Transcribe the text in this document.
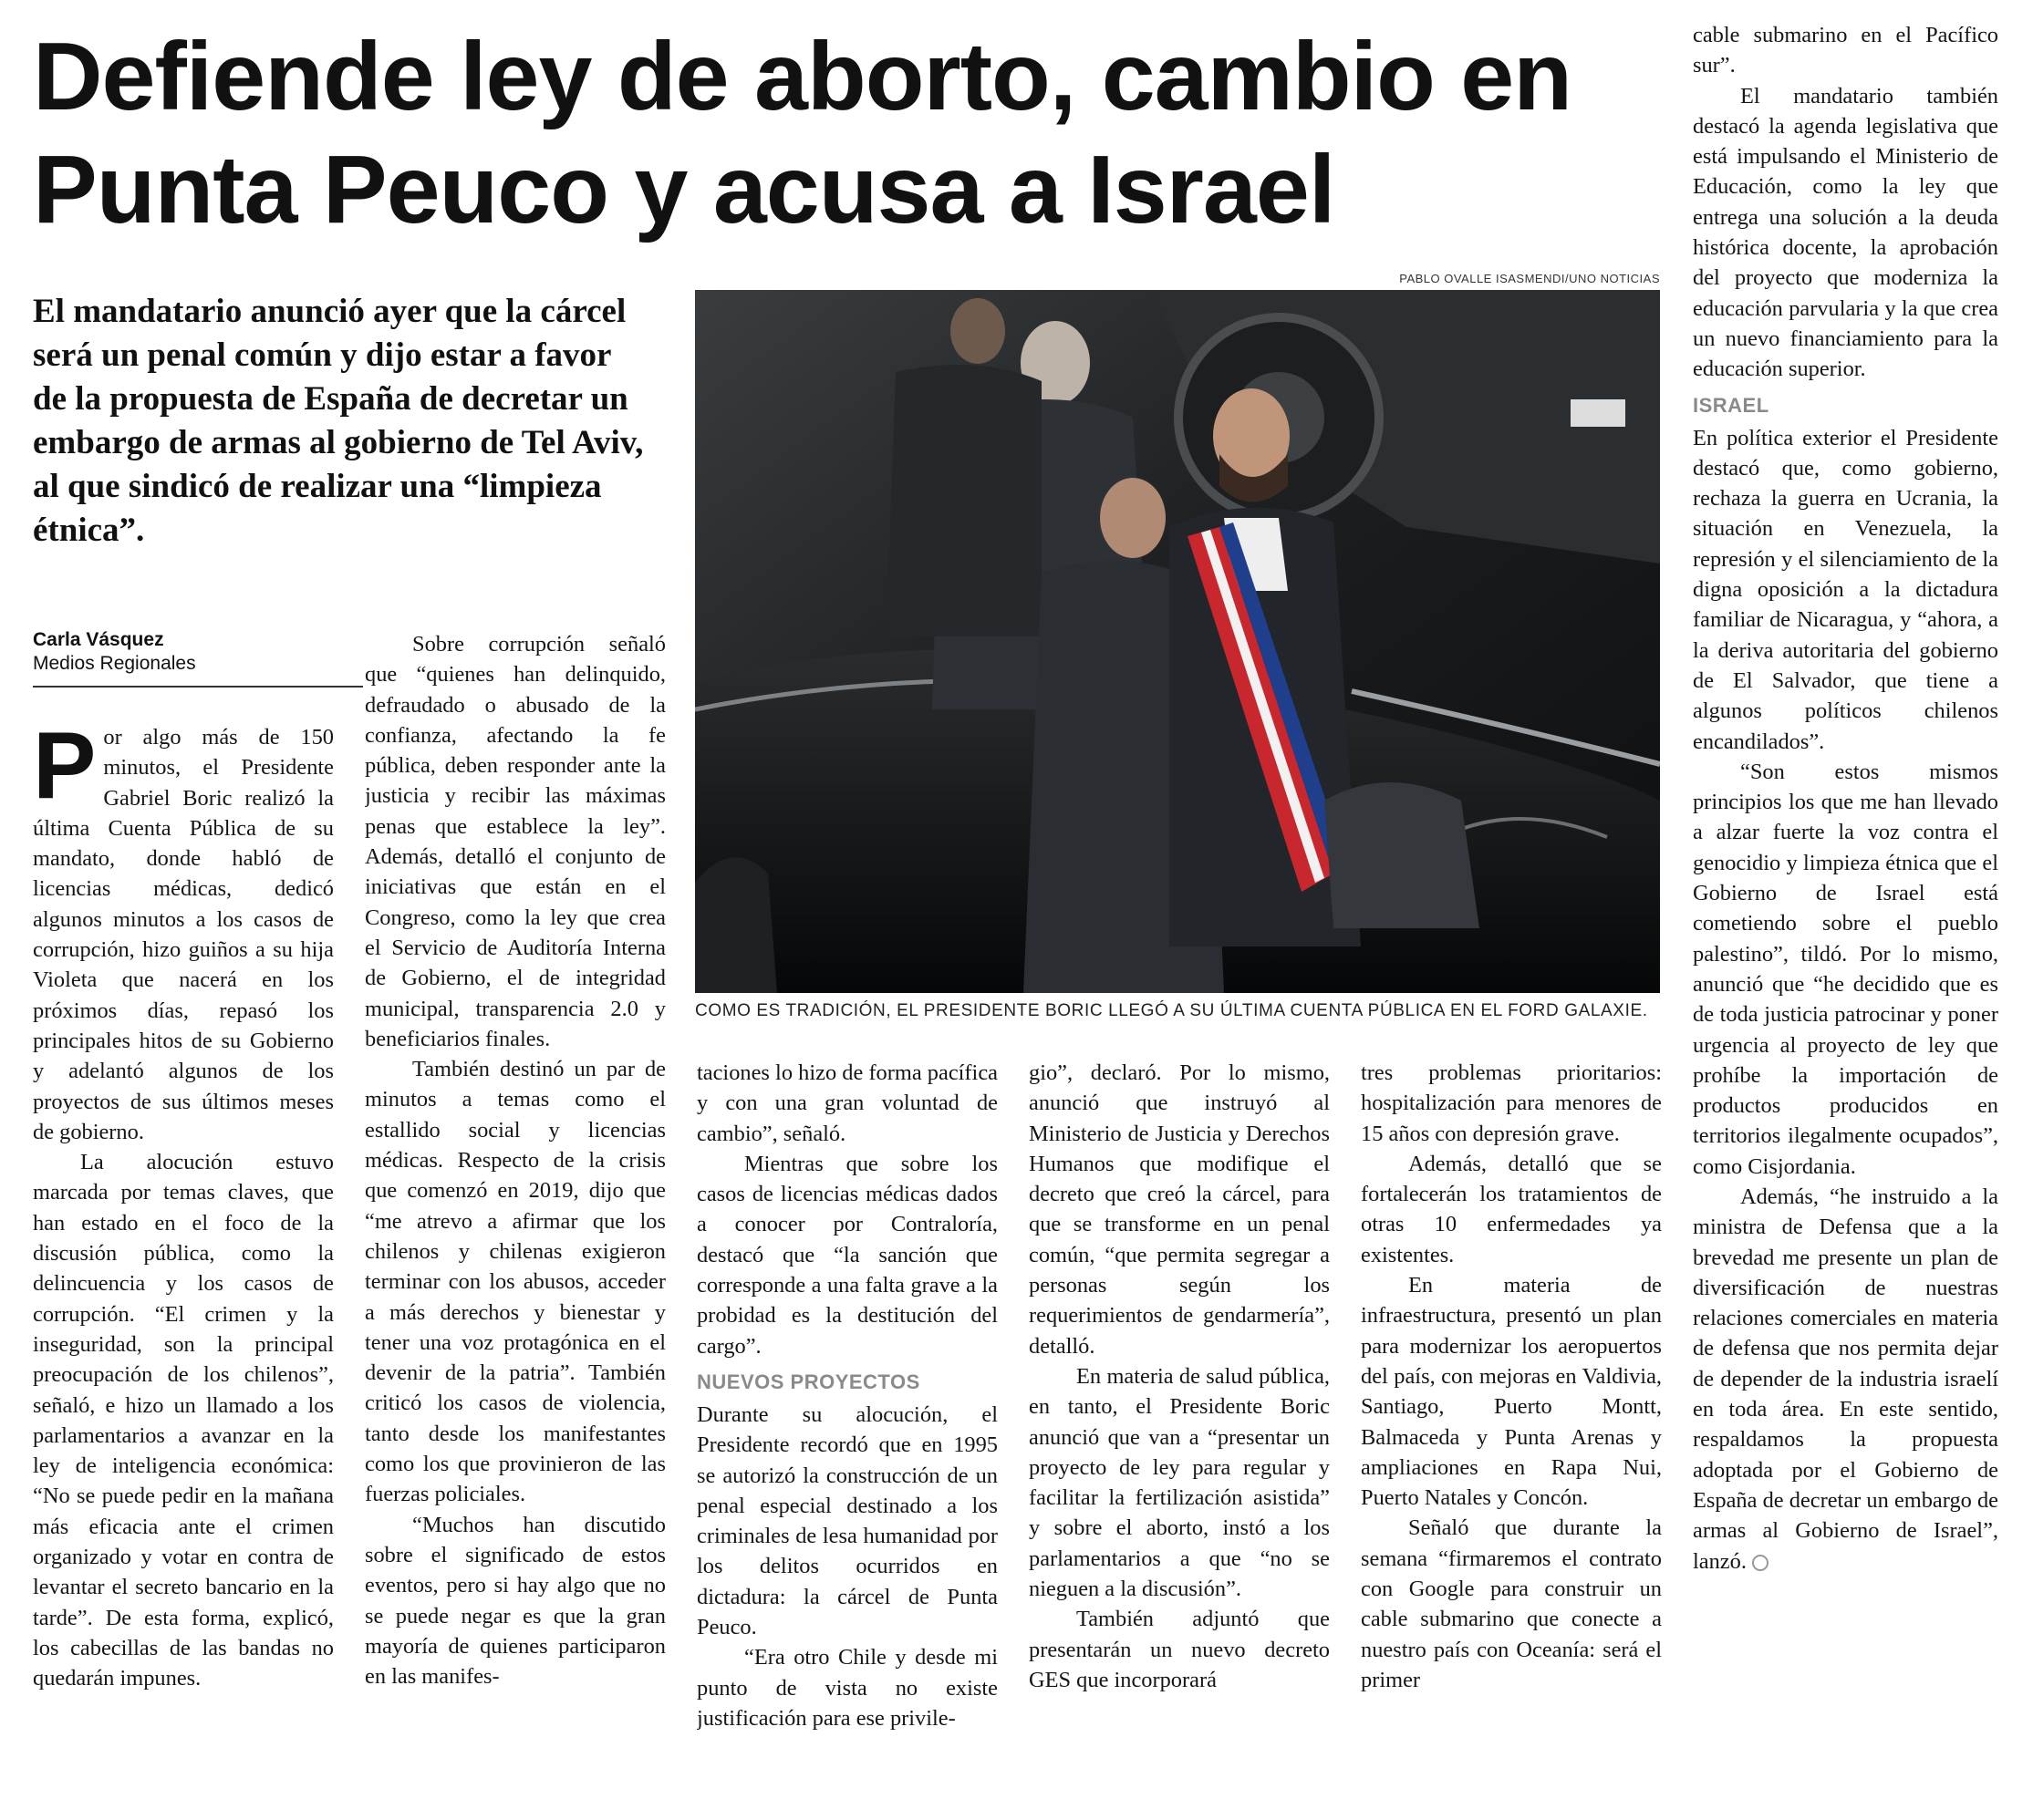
Defiende ley de aborto, cambio en Punta Peuco y acusa a Israel

El mandatario anunció ayer que la cárcel será un penal común y dijo estar a favor de la propuesta de España de decretar un embargo de armas al gobierno de Tel Aviv, al que sindicó de realizar una “limpieza étnica”.

Carla Vásquez
Medios Regionales
PABLO OVALLE ISASMENDI/UNO NOTICIAS
COMO ES TRADICIÓN, EL PRESIDENTE BORIC LLEGÓ A SU ÚLTIMA CUENTA PÚBLICA EN EL FORD GALAXIE.
P or algo más de 150 minutos, el Presidente Gabriel Boric realizó la última Cuenta Pública de su mandato, donde habló de licencias médicas, dedicó algunos minutos a los casos de corrupción, hizo guiños a su hija Violeta que nacerá en los próximos días, repasó los principales hitos de su Gobierno y adelantó algunos de los proyectos de sus últimos meses de gobierno.

La alocución estuvo marcada por temas claves, que han estado en el foco de la discusión pública, como la delincuencia y los casos de corrupción. “El crimen y la inseguridad, son la principal preocupación de los chilenos”, señaló, e hizo un llamado a los parlamentarios a avanzar en la ley de inteligencia económica: “No se puede pedir en la mañana más eficacia ante el crimen organizado y votar en contra de levantar el secreto bancario en la tarde”. De esta forma, explicó, los cabecillas de las bandas no quedarán impunes.

Sobre corrupción señaló que “quienes han delinquido, defraudado o abusado de la confianza, afectando la fe pública, deben responder ante la justicia y recibir las máximas penas que establece la ley”. Además, detalló el conjunto de iniciativas que están en el Congreso, como la ley que crea el Servicio de Auditoría Interna de Gobierno, el de integridad municipal, transparencia 2.0 y beneficiarios finales.

También destinó un par de minutos a temas como el estallido social y licencias médicas. Respecto de la crisis que comenzó en 2019, dijo que “me atrevo a afirmar que los chilenos y chilenas exigieron terminar con los abusos, acceder a más derechos y bienestar y tener una voz protagónica en el devenir de la patria”. También criticó los casos de violencia, tanto desde los manifestantes como los que provinieron de las fuerzas policiales.

“Muchos han discutido sobre el significado de estos eventos, pero si hay algo que no se puede negar es que la gran mayoría de quienes participaron en las manifes-

taciones lo hizo de forma pacífica y con una gran voluntad de cambio”, señaló.

Mientras que sobre los casos de licencias médicas dados a conocer por Contraloría, destacó que “la sanción que corresponde a una falta grave a la probidad es la destitución del cargo”.

NUEVOS PROYECTOS

Durante su alocución, el Presidente recordó que en 1995 se autorizó la construcción de un penal especial destinado a los criminales de lesa humanidad por los delitos ocurridos en dictadura: la cárcel de Punta Peuco.

“Era otro Chile y desde mi punto de vista no existe justificación para ese privile-

gio”, declaró. Por lo mismo, anunció que instruyó al Ministerio de Justicia y Derechos Humanos que modifique el decreto que creó la cárcel, para que se transforme en un penal común, “que permita segregar a personas según los requerimientos de gendarmería”, detalló.

En materia de salud pública, en tanto, el Presidente Boric anunció que van a “presentar un proyecto de ley para regular y facilitar la fertilización asistida” y sobre el aborto, instó a los parlamentarios a que “no se nieguen a la discusión”.

También adjuntó que presentarán un nuevo decreto GES que incorporará

tres problemas prioritarios: hospitalización para menores de 15 años con depresión grave.

Además, detalló que se fortalecerán los tratamientos de otras 10 enfermedades ya existentes.

En materia de infraestructura, presentó un plan para modernizar los aeropuertos del país, con mejoras en Valdivia, Santiago, Puerto Montt, Balmaceda y Punta Arenas y ampliaciones en Rapa Nui, Puerto Natales y Concón.

Señaló que durante la semana “firmaremos el contrato con Google para construir un cable submarino que conecte a nuestro país con Oceanía: será el primer

cable submarino en el Pacífico sur”.

El mandatario también destacó la agenda legislativa que está impulsando el Ministerio de Educación, como la ley que entrega una solución a la deuda histórica docente, la aprobación del proyecto que moderniza la educación parvularia y la que crea un nuevo financiamiento para la educación superior.

ISRAEL

En política exterior el Presidente destacó que, como gobierno, rechaza la guerra en Ucrania, la situación en Venezuela, la represión y el silenciamiento de la digna oposición a la dictadura familiar de Nicaragua, y “ahora, a la deriva autoritaria del gobierno de El Salvador, que tiene a algunos políticos chilenos encandilados”.

“Son estos mismos principios los que me han llevado a alzar fuerte la voz contra el genocidio y limpieza étnica que el Gobierno de Israel está cometiendo sobre el pueblo palestino”, tildó. Por lo mismo, anunció que “he decidido que es de toda justicia patrocinar y poner urgencia al proyecto de ley que prohíbe la importación de productos producidos en territorios ilegalmente ocupados”, como Cisjordania.

Además, “he instruido a la ministra de Defensa que a la brevedad me presente un plan de diversificación de nuestras relaciones comerciales en materia de defensa que nos permita dejar de depender de la industria israelí en toda área. En este sentido, respaldamos la propuesta adoptada por el Gobierno de España de decretar un embargo de armas al Gobierno de Israel”, lanzó.
